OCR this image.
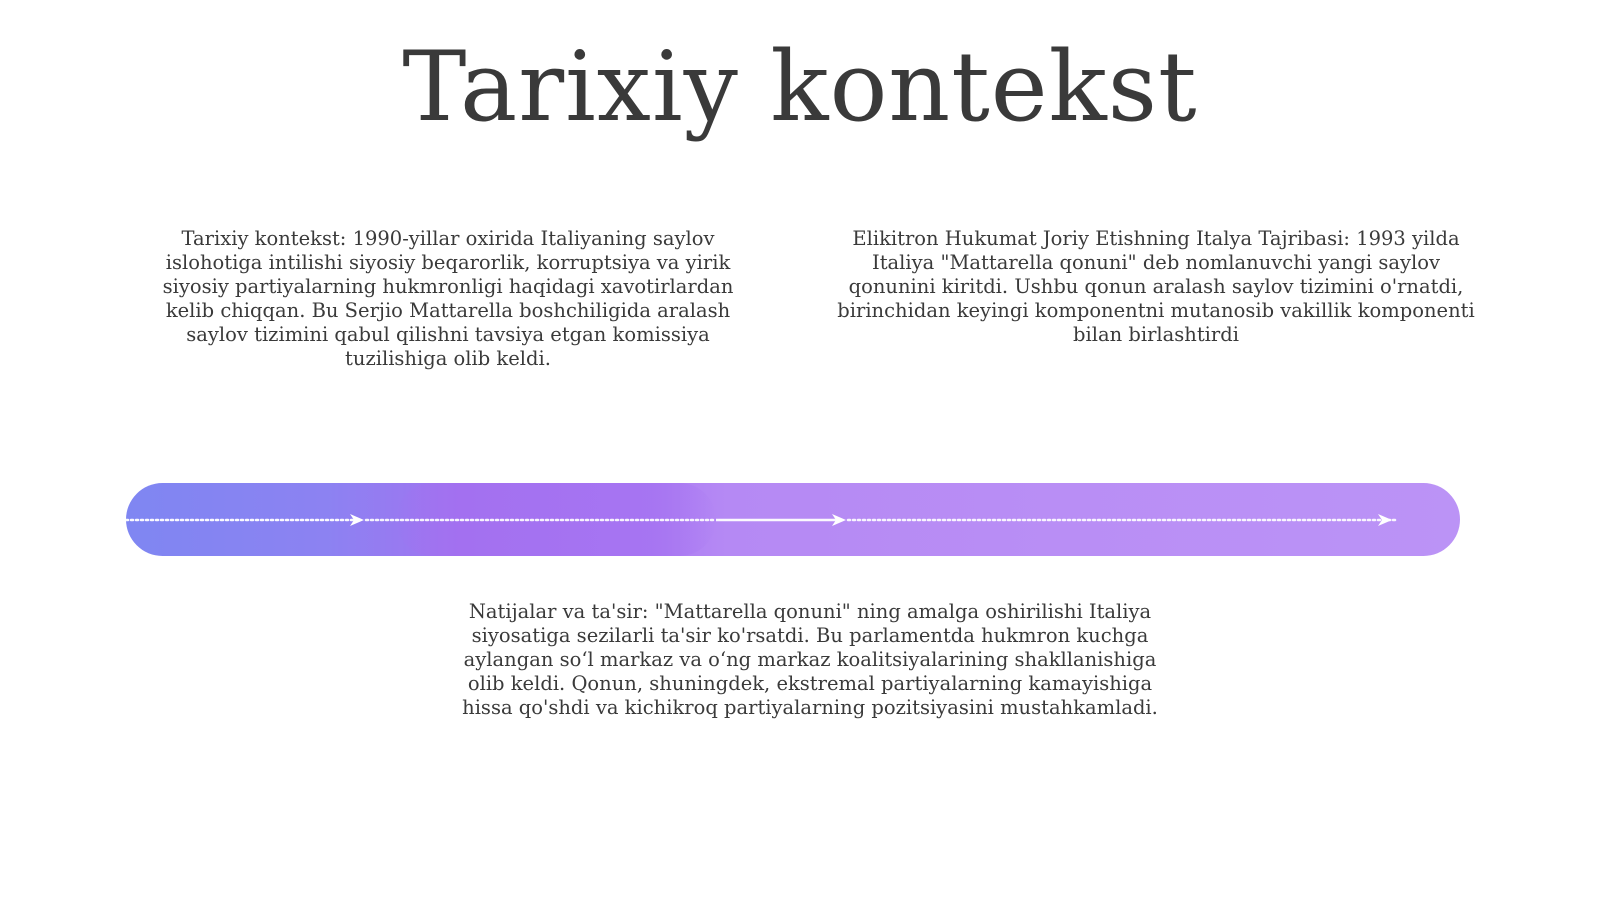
Tarixiy kontekst

Tarixiy kontekst: 1990-yillar oxirida Italiyaning saylov islohotiga intilishi siyosiy beqarorlik, korruptsiya va yirik siyosiy partiyalarning hukmronligi haqidagi xavotirlardan kelib chiqqan. Bu Serjio Mattarella boshchiligida aralash saylov tizimini qabul qilishni tavsiya etgan komissiya tuzilishiga olib keldi.

Elikitron Hukumat Joriy Etishning Italya Tajribasi: 1993 yilda Italiya "Mattarella qonuni" deb nomlanuvchi yangi saylov qonunini kiritdi. Ushbu qonun aralash saylov tizimini o'rnatdi, birinchidan keyingi komponentni mutanosib vakillik komponenti bilan birlashtirdi

Natijalar va ta'sir: "Mattarella qonuni" ning amalga oshirilishi Italiya siyosatiga sezilarli ta'sir ko'rsatdi. Bu parlamentda hukmron kuchga aylangan so‘l markaz va o‘ng markaz koalitsiyalarining shakllanishiga olib keldi. Qonun, shuningdek, ekstremal partiyalarning kamayishiga hissa qo'shdi va kichikroq partiyalarning pozitsiyasini mustahkamladi.
